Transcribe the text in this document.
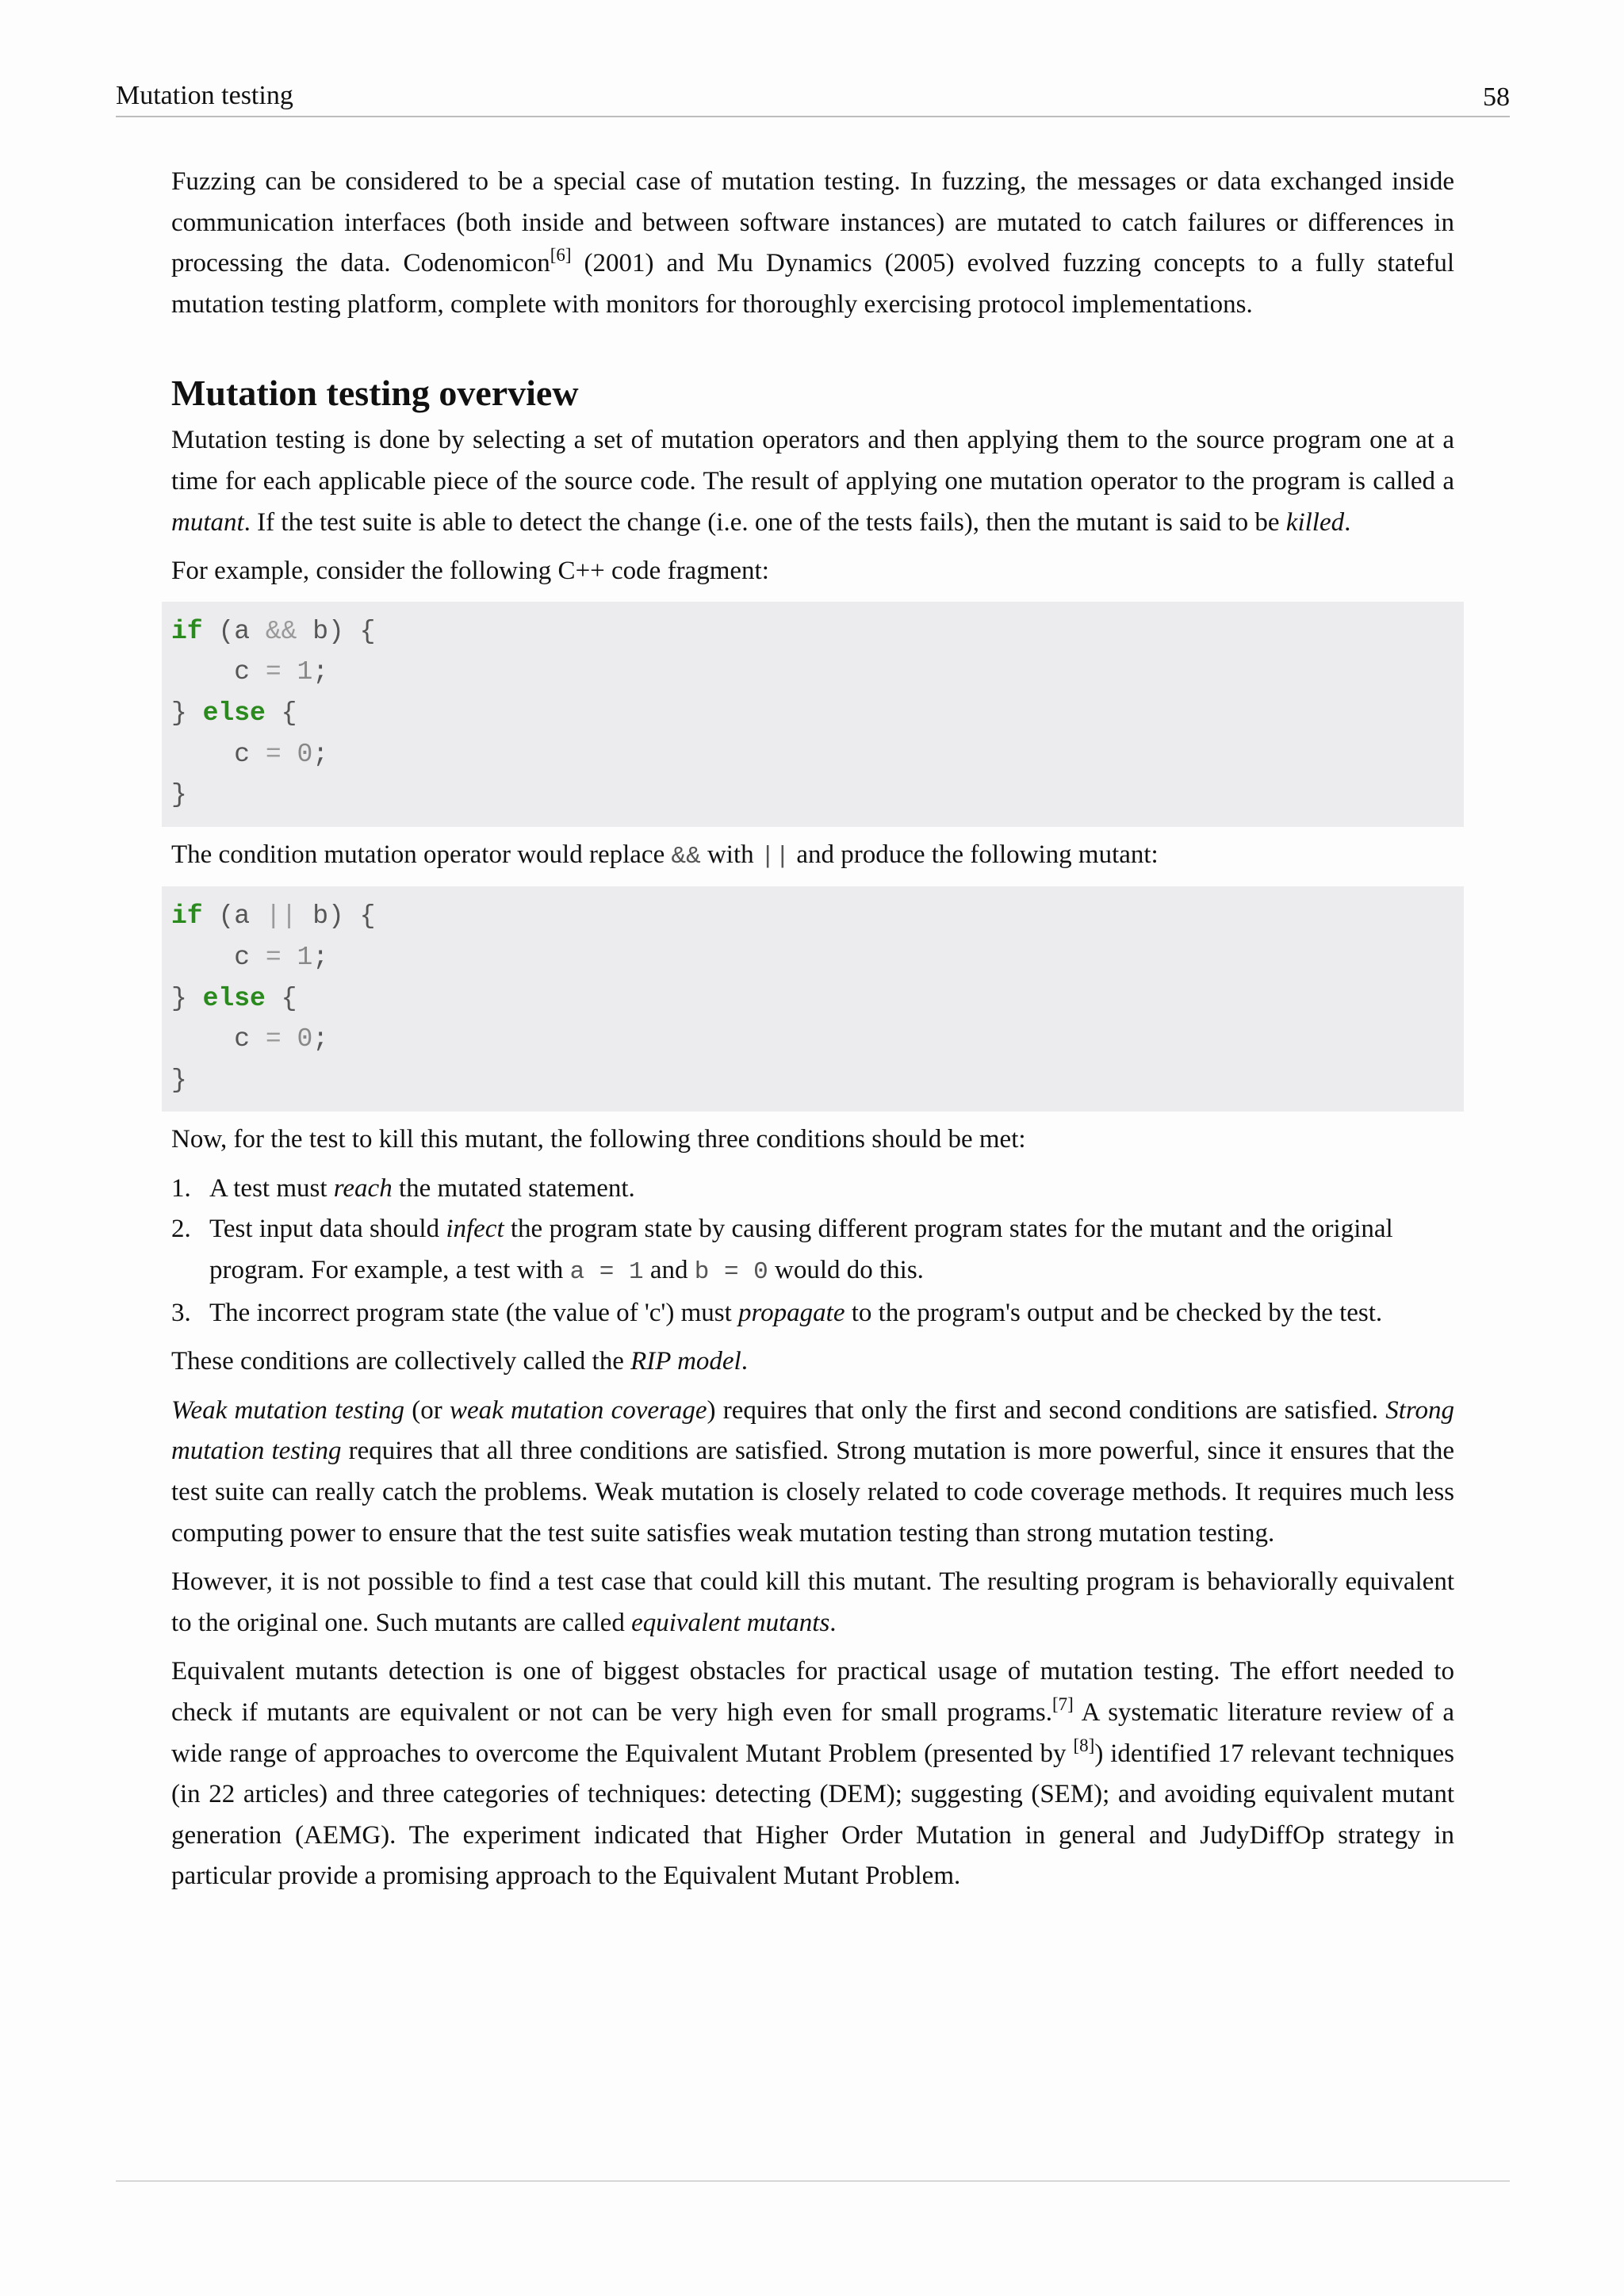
Mutation testing	58

Fuzzing can be considered to be a special case of mutation testing. In fuzzing, the messages or data exchanged inside communication interfaces (both inside and between software instances) are mutated to catch failures or differences in processing the data. Codenomicon[6] (2001) and Mu Dynamics (2005) evolved fuzzing concepts to a fully stateful mutation testing platform, complete with monitors for thoroughly exercising protocol implementations.

Mutation testing overview

Mutation testing is done by selecting a set of mutation operators and then applying them to the source program one at a time for each applicable piece of the source code. The result of applying one mutation operator to the program is called a mutant. If the test suite is able to detect the change (i.e. one of the tests fails), then the mutant is said to be killed.

For example, consider the following C++ code fragment:

if (a && b) {
c = 1;
} else {
c = 0;
}

The condition mutation operator would replace && with || and produce the following mutant:

if (a || b) {
c = 1;
} else {
c = 0;
}

Now, for the test to kill this mutant, the following three conditions should be met:

1. A test must reach the mutated statement.
2. Test input data should infect the program state by causing different program states for the mutant and the original program. For example, a test with a = 1 and b = 0 would do this.
3. The incorrect program state (the value of 'c') must propagate to the program's output and be checked by the test.

These conditions are collectively called the RIP model.

Weak mutation testing (or weak mutation coverage) requires that only the first and second conditions are satisfied. Strong mutation testing requires that all three conditions are satisfied. Strong mutation is more powerful, since it ensures that the test suite can really catch the problems. Weak mutation is closely related to code coverage methods. It requires much less computing power to ensure that the test suite satisfies weak mutation testing than strong mutation testing.

However, it is not possible to find a test case that could kill this mutant. The resulting program is behaviorally equivalent to the original one. Such mutants are called equivalent mutants.

Equivalent mutants detection is one of biggest obstacles for practical usage of mutation testing. The effort needed to check if mutants are equivalent or not can be very high even for small programs.[7] A systematic literature review of a wide range of approaches to overcome the Equivalent Mutant Problem (presented by [8]) identified 17 relevant techniques (in 22 articles) and three categories of techniques: detecting (DEM); suggesting (SEM); and avoiding equivalent mutant generation (AEMG). The experiment indicated that Higher Order Mutation in general and JudyDiffOp strategy in particular provide a promising approach to the Equivalent Mutant Problem.
